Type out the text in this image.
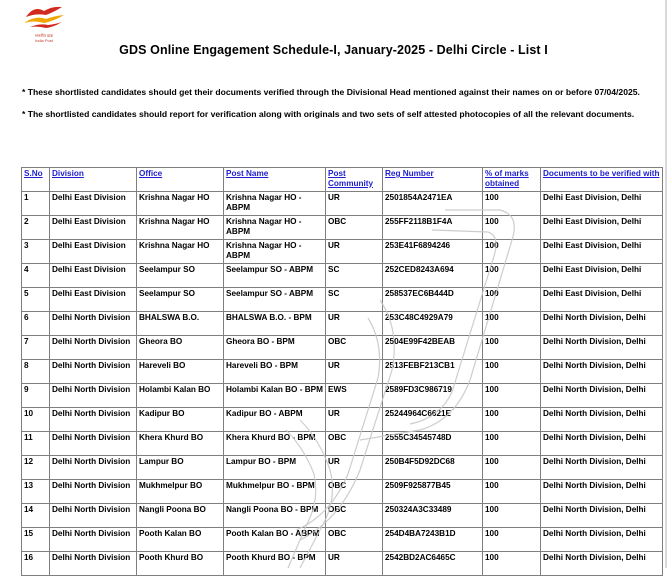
भारतीय डाक
India Post
GDS Online Engagement Schedule-I, January-2025 - Delhi Circle - List I

* These shortlisted candidates should get their documents verified through the Divisional Head mentioned against their names on or before 07/04/2025.

* The shortlisted candidates should report for verification along with originals and two sets of self attested photocopies of all the relevant documents.

S.No	Division	Office	Post Name	Post Community	Reg Number	% of marks obtained	Documents to be verified with
1	Delhi East Division	Krishna Nagar HO	Krishna Nagar HO - ABPM	UR	2501854A2471EA	100	Delhi East Division, Delhi
2	Delhi East Division	Krishna Nagar HO	Krishna Nagar HO - ABPM	OBC	255FF2118B1F4A	100	Delhi East Division, Delhi
3	Delhi East Division	Krishna Nagar HO	Krishna Nagar HO - ABPM	UR	253E41F6894246	100	Delhi East Division, Delhi
4	Delhi East Division	Seelampur SO	Seelampur SO - ABPM	SC	252CED8243A694	100	Delhi East Division, Delhi
5	Delhi East Division	Seelampur SO	Seelampur SO - ABPM	SC	258537EC6B444D	100	Delhi East Division, Delhi
6	Delhi North Division	BHALSWA B.O.	BHALSWA B.O. - BPM	UR	253C48C4929A79	100	Delhi North Division, Delhi
7	Delhi North Division	Gheora BO	Gheora BO - BPM	OBC	2504E99F42BEAB	100	Delhi North Division, Delhi
8	Delhi North Division	Hareveli BO	Hareveli BO - BPM	UR	2513FEBF213CB1	100	Delhi North Division, Delhi
9	Delhi North Division	Holambi Kalan BO	Holambi Kalan BO - BPM	EWS	2589FD3C986719	100	Delhi North Division, Delhi
10	Delhi North Division	Kadipur BO	Kadipur BO - ABPM	UR	25244964C6621E	100	Delhi North Division, Delhi
11	Delhi North Division	Khera Khurd BO	Khera Khurd BO - BPM	OBC	2555C34545748D	100	Delhi North Division, Delhi
12	Delhi North Division	Lampur BO	Lampur BO - BPM	UR	250B4F5D92DC68	100	Delhi North Division, Delhi
13	Delhi North Division	Mukhmelpur BO	Mukhmelpur BO - BPM	OBC	2509F925877B45	100	Delhi North Division, Delhi
14	Delhi North Division	Nangli Poona BO	Nangli Poona BO - BPM	OBC	250324A3C33489	100	Delhi North Division, Delhi
15	Delhi North Division	Pooth Kalan BO	Pooth Kalan BO - ABPM	OBC	254D4BA7243B1D	100	Delhi North Division, Delhi
16	Delhi North Division	Pooth Khurd BO	Pooth Khurd BO - BPM	UR	2542BD2AC6465C	100	Delhi North Division, Delhi
